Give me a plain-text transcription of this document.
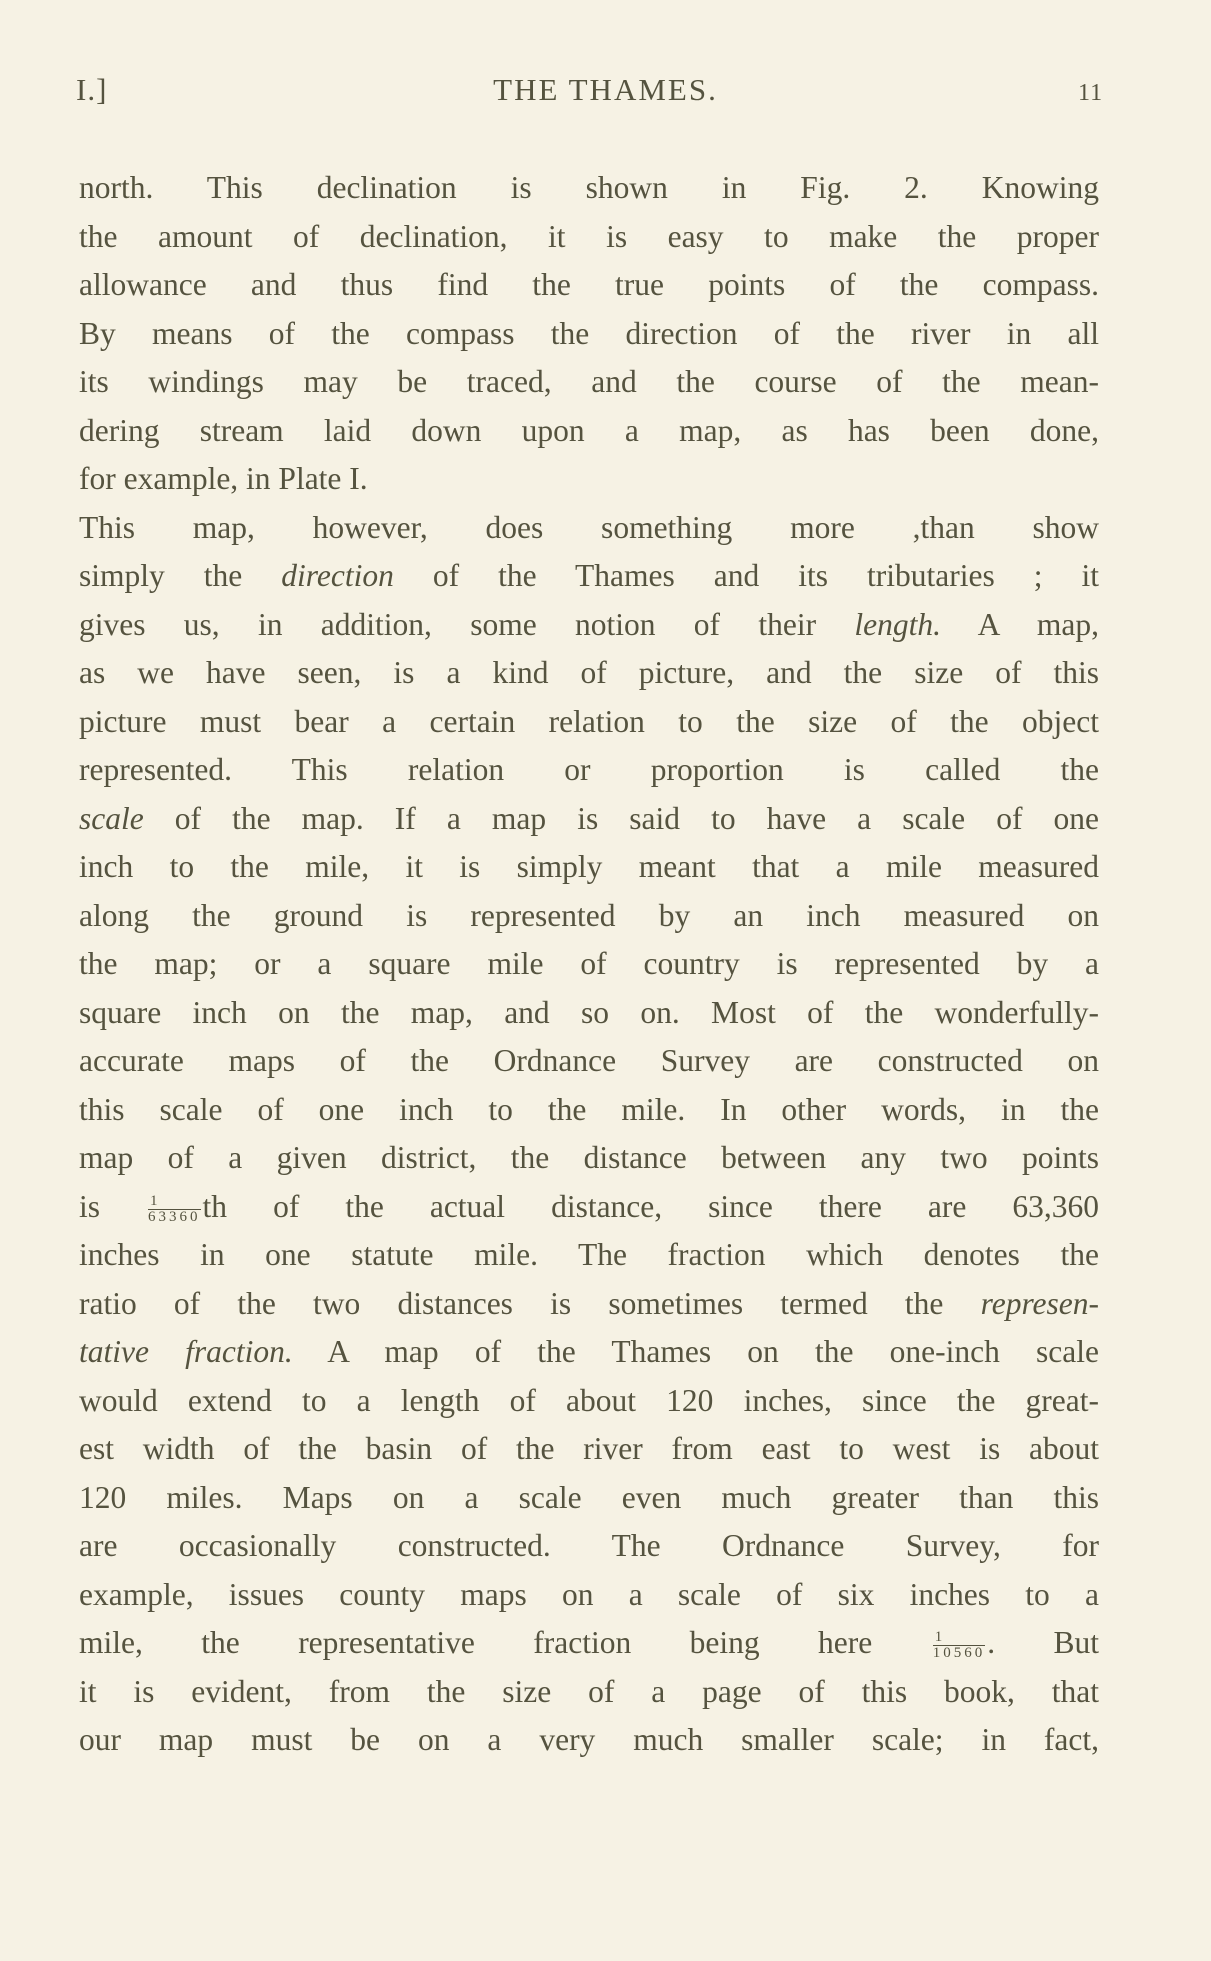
I.]	THE THAMES.	11
north. This declination is shown in Fig. 2. Knowing
the amount of declination, it is easy to make the proper
allowance and thus find the true points of the compass.
By means of the compass the direction of the river in all
its windings may be traced, and the course of the mean-
dering stream laid down upon a map, as has been done,
for example, in Plate I.
This map, however, does something more ,than show
simply the direction of the Thames and its tributaries ; it
gives us, in addition, some notion of their length. A map,
as we have seen, is a kind of picture, and the size of this
picture must bear a certain relation to the size of the object
represented. This relation or proportion is called the
scale of the map. If a map is said to have a scale of one
inch to the mile, it is simply meant that a mile measured
along the ground is represented by an inch measured on
the map; or a square mile of country is represented by a
square inch on the map, and so on. Most of the wonderfully-
accurate maps of the Ordnance Survey are constructed on
this scale of one inch to the mile. In other words, in the
map of a given district, the distance between any two points
is $\frac{1}{63360}$ th of the actual distance, since there are 63,360
inches in one statute mile. The fraction which denotes the
ratio of the two distances is sometimes termed the represen-
tative fraction. A map of the Thames on the one-inch scale
would extend to a length of about 120 inches, since the great-
est width of the basin of the river from east to west is about
120 miles. Maps on a scale even much greater than this
are occasionally constructed. The Ordnance Survey, for
example, issues county maps on a scale of six inches to a
mile, the representative fraction being here $\frac{1}{10560}$ . But
it is evident, from the size of a page of this book, that
our map must be on a very much smaller scale; in fact,
